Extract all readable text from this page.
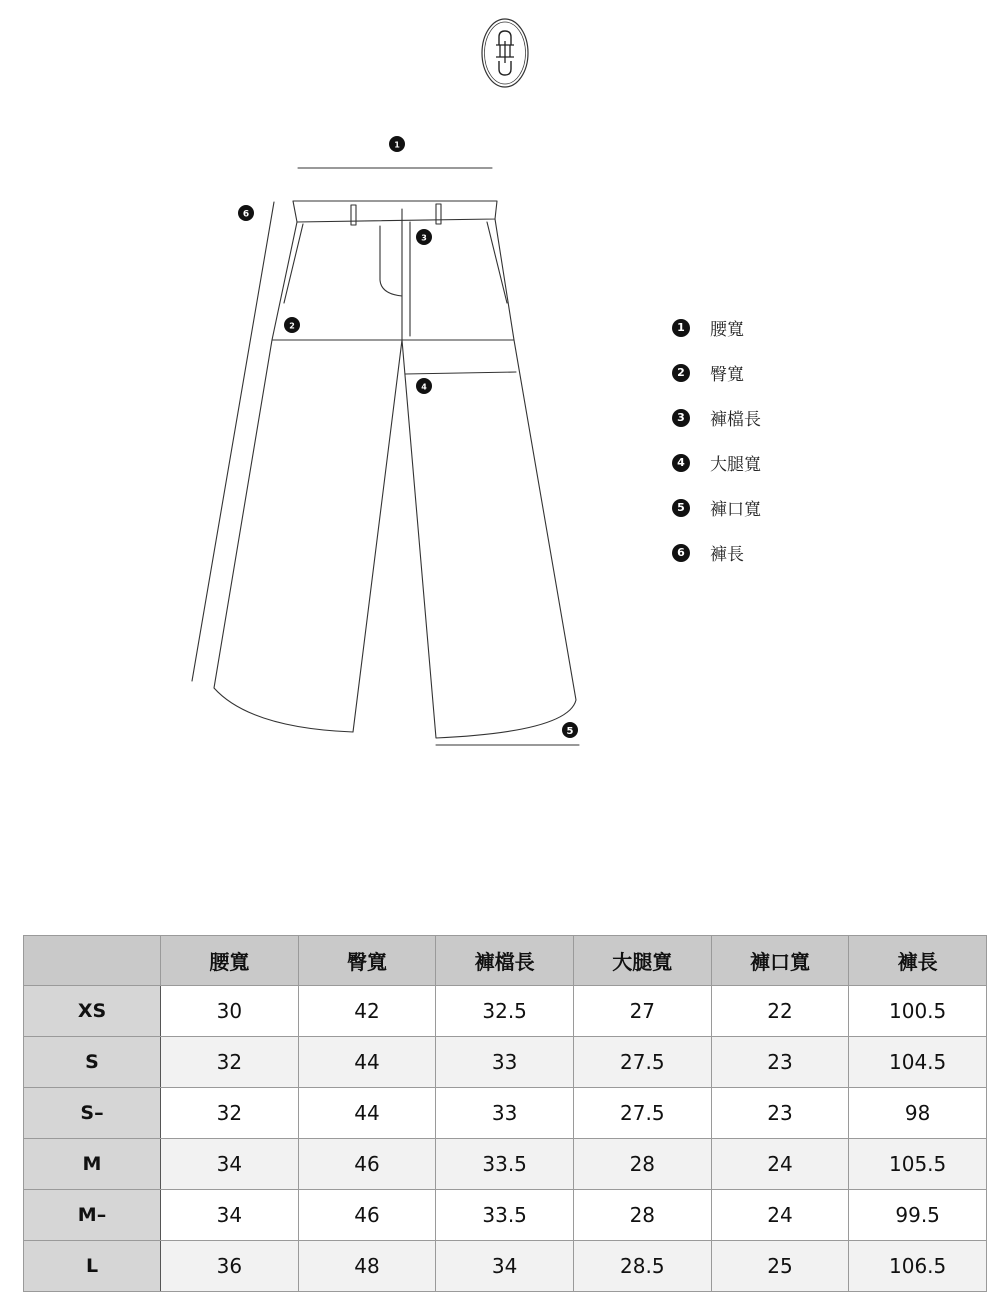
1
2
3
4
5
6
1	腰寬
2	臀寬
3	褲檔長
4	大腿寬
5	褲口寬
6	褲長
	腰寬	臀寬	褲檔長	大腿寬	褲口寬	褲長
XS	30	42	32.5	27	22	100.5
S	32	44	33	27.5	23	104.5
S–	32	44	33	27.5	23	98
M	34	46	33.5	28	24	105.5
M–	34	46	33.5	28	24	99.5
L	36	48	34	28.5	25	106.5
